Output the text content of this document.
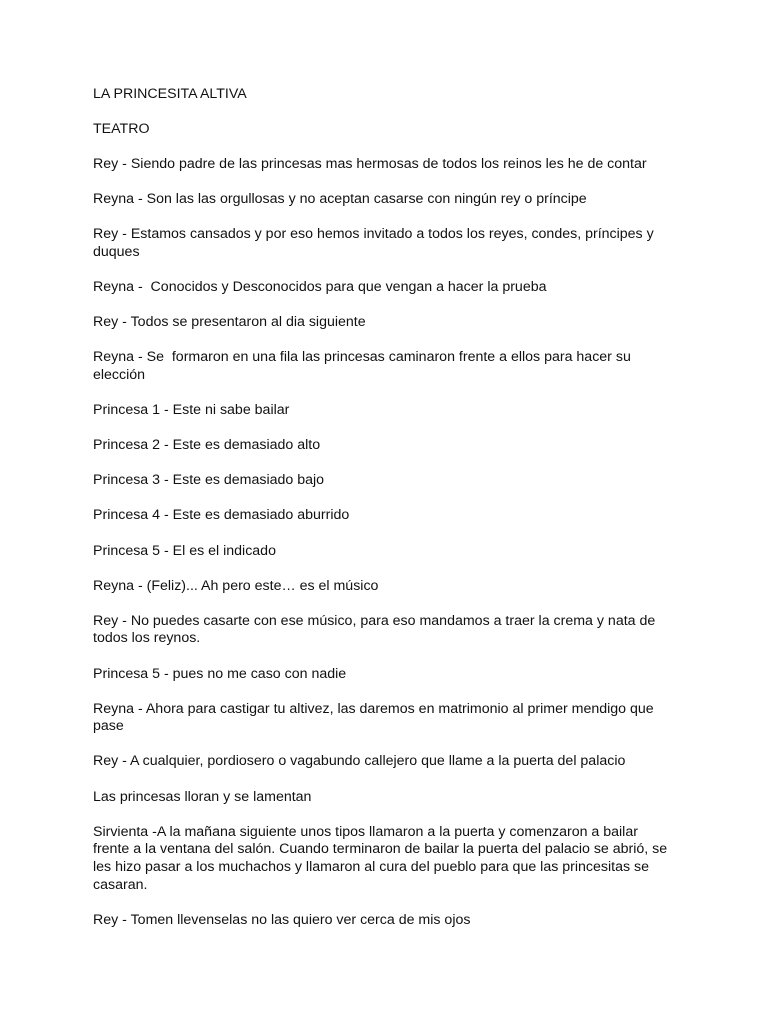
LA PRINCESITA ALTIVA

TEATRO

Rey - Siendo padre de las princesas mas hermosas de todos los reinos les he de contar

Reyna - Son las las orgullosas y no aceptan casarse con ningún rey o príncipe

Rey - Estamos cansados y por eso hemos invitado a todos los reyes, condes, príncipes y duques

Reyna -  Conocidos y Desconocidos para que vengan a hacer la prueba

Rey - Todos se presentaron al dia siguiente

Reyna - Se  formaron en una fila las princesas caminaron frente a ellos para hacer su elección

Princesa 1 - Este ni sabe bailar

Princesa 2 - Este es demasiado alto

Princesa 3 - Este es demasiado bajo

Princesa 4 - Este es demasiado aburrido

Princesa 5 - El es el indicado

Reyna - (Feliz)... Ah pero este… es el músico

Rey - No puedes casarte con ese músico, para eso mandamos a traer la crema y nata de todos los reynos.

Princesa 5 - pues no me caso con nadie

Reyna - Ahora para castigar tu altivez, las daremos en matrimonio al primer mendigo que pase

Rey - A cualquier, pordiosero o vagabundo callejero que llame a la puerta del palacio

Las princesas lloran y se lamentan

Sirvienta -A la mañana siguiente unos tipos llamaron a la puerta y comenzaron a bailar frente a la ventana del salón. Cuando terminaron de bailar la puerta del palacio se abrió, se les hizo pasar a los muchachos y llamaron al cura del pueblo para que las princesitas se casaran.

Rey - Tomen llevenselas no las quiero ver cerca de mis ojos
